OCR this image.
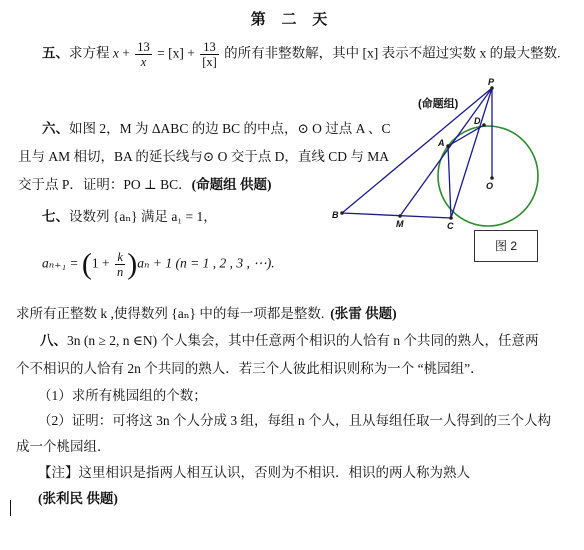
第 二 天
五、求方程 $x + \frac{13}{x} = [x] + \frac{13}{[x]}$ 的所有非整数解，其中 [x] 表示不超过实数 x 的最大整数.
(命题组)
P
D
A
O
B
M	C
图 2
六、如图 2，M 为 ΔABC 的边 BC 的中点，⊙ O 过点 A 、C
且与 AM 相切，BA 的延长线与⊙ O 交于点 D，直线 CD 与 MA
交于点 P．证明：PO ⊥ BC．(命题组 供题)
七、设数列 {aₙ} 满足 a₁ = 1，
$a_{n+1} = (1 + \frac{k}{n} )a_n + 1$ (n = 1 , 2 , 3 , ⋯).
求所有正整数 k ,使得数列 {aₙ} 中的每一项都是整数. (张雷 供题)
八、3n (n ≥ 2, n ∈N) 个人集会，其中任意两个相识的人恰有 n 个共同的熟人，任意两
个不相识的人恰有 2n 个共同的熟人．若三个人彼此相识则称为一个 “桃园组”．
（1）求所有桃园组的个数；
（2）证明：可将这 3n 个人分成 3 组，每组 n 个人，且从每组任取一人得到的三个人构
成一个桃园组．
【注】这里相识是指两人相互认识，否则为不相识．相识的两人称为熟人
(张利民 供题)
